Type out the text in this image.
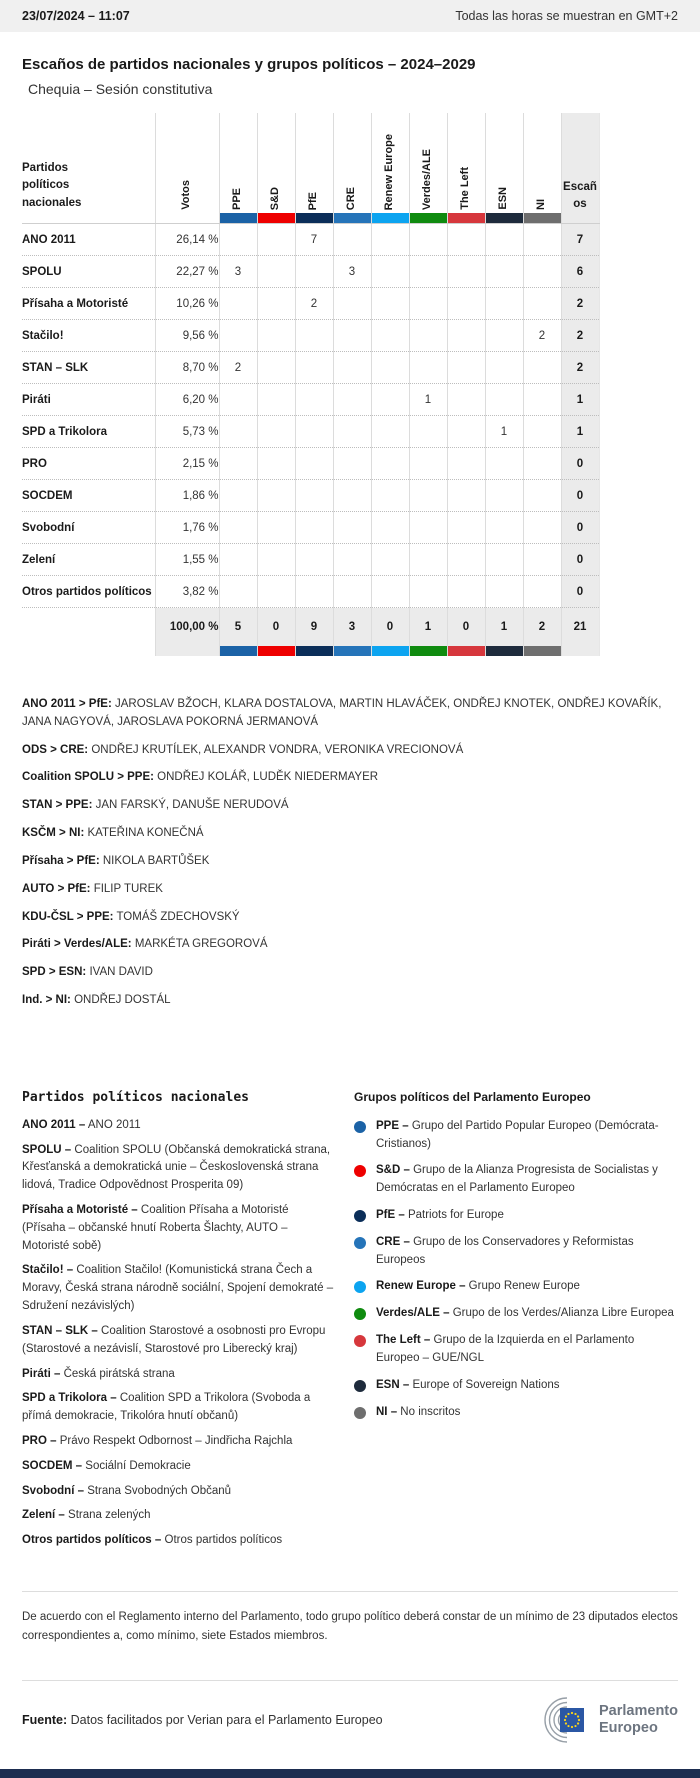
23/07/2024 – 11:07	Todas las horas se muestran en GMT+2
Escaños de partidos nacionales y grupos políticos – 2024–2029
Chequia – Sesión constitutiva
Partidos políticos nacionales	Votos	PPE	S&D	PfE	CRE	Renew Europe	Verdes/ALE	The Left	ESN	NI	Escaños

ANO 2011	26,14 %			7							7
SPOLU	22,27 %	3			3						6
Přísaha a Motoristé	10,26 %			2							2
Stačilo!	9,56 %									2	2
STAN – SLK	8,70 %	2									2
Piráti	6,20 %						1				1
SPD a Trikolora	5,73 %								1		1
PRO	2,15 %										0
SOCDEM	1,86 %										0
Svobodní	1,76 %										0
Zelení	1,55 %										0
Otros partidos políticos	3,82 %										0
	100,00 %	5	0	9	3	0	1	0	1	2	21

ANO 2011 > PfE: JAROSLAV BŽOCH, KLARA DOSTALOVA, MARTIN HLAVÁČEK, ONDŘEJ KNOTEK, ONDŘEJ KOVAŘÍK, JANA NAGYOVÁ, JAROSLAVA POKORNÁ JERMANOVÁ
ODS > CRE: ONDŘEJ KRUTÍLEK, ALEXANDR VONDRA, VERONIKA VRECIONOVÁ
Coalition SPOLU > PPE: ONDŘEJ KOLÁŘ, LUDĚK NIEDERMAYER
STAN > PPE: JAN FARSKÝ, DANUŠE NERUDOVÁ
KSČM > NI: KATEŘINA KONEČNÁ
Přísaha > PfE: NIKOLA BARTŮŠEK
AUTO > PfE: FILIP TUREK
KDU-ČSL > PPE: TOMÁŠ ZDECHOVSKÝ
Piráti > Verdes/ALE: MARKÉTA GREGOROVÁ
SPD > ESN: IVAN DAVID
Ind. > NI: ONDŘEJ DOSTÁL
Partidos políticos nacionales
ANO 2011 – ANO 2011
SPOLU – Coalition SPOLU (Občanská demokratická strana, Křesťanská a demokratická unie – Československá strana lidová, Tradice Odpovědnost Prosperita 09)
Přísaha a Motoristé – Coalition Přísaha a Motoristé (Přísaha – občanské hnutí Roberta Šlachty, AUTO – Motoristé sobě)
Stačilo! – Coalition Stačilo! (Komunistická strana Čech a Moravy, Česká strana národně sociální, Spojení demokraté – Sdružení nezávislých)
STAN – SLK – Coalition Starostové a osobnosti pro Evropu (Starostové a nezávislí, Starostové pro Liberecký kraj)
Piráti – Česká pirátská strana
SPD a Trikolora – Coalition SPD a Trikolora (Svoboda a přímá demokracie, Trikolóra hnutí občanů)
PRO – Právo Respekt Odbornost – Jindřicha Rajchla
SOCDEM – Sociální Demokracie
Svobodní – Strana Svobodných Občanů
Zelení – Strana zelených
Otros partidos políticos – Otros partidos políticos
Grupos políticos del Parlamento Europeo
PPE – Grupo del Partido Popular Europeo (Demócrata-Cristianos)
S&D – Grupo de la Alianza Progresista de Socialistas y Demócratas en el Parlamento Europeo
PfE – Patriots for Europe
CRE – Grupo de los Conservadores y Reformistas Europeos
Renew Europe – Grupo Renew Europe
Verdes/ALE – Grupo de los Verdes/Alianza Libre Europea
The Left – Grupo de la Izquierda en el Parlamento Europeo – GUE/NGL
ESN – Europe of Sovereign Nations
NI – No inscritos

De acuerdo con el Reglamento interno del Parlamento, todo grupo político deberá constar de un mínimo de 23 diputados electos correspondientes a, como mínimo, siete Estados miembros.

Fuente: Datos facilitados por Verian para el Parlamento Europeo

Parlamento
Europeo
